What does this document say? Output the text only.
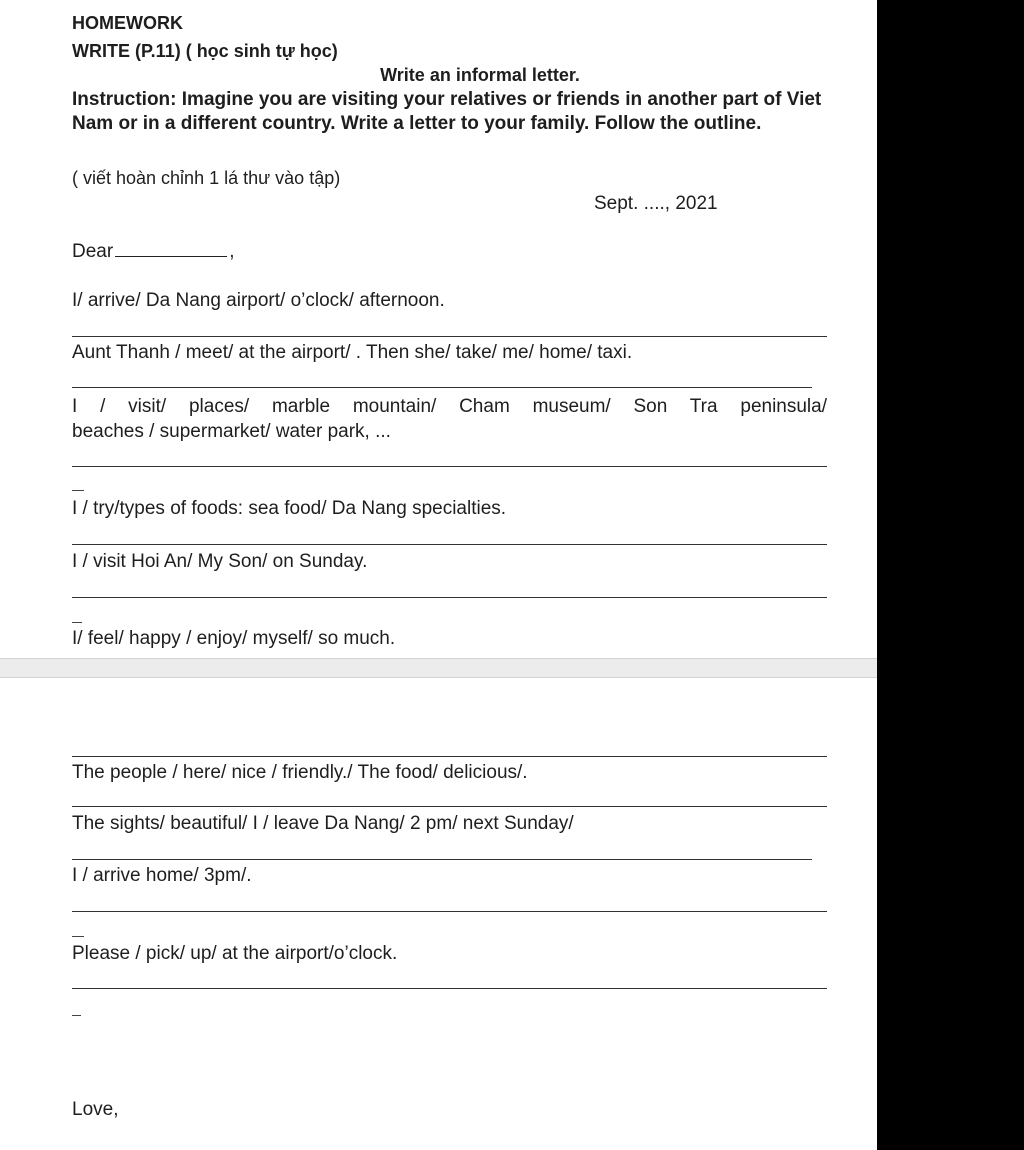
HOMEWORK
WRITE (P.11) ( học sinh tự học)
Write an informal letter.
Instruction: Imagine you are visiting your relatives or friends in another part of Viet Nam or in a different country. Write a letter to your family. Follow the outline.
( viết hoàn chỉnh 1 lá thư vào tập)
Sept. ...., 2021
Dear	,
I/ arrive/ Da Nang airport/ o’clock/ afternoon.
Aunt Thanh / meet/ at the airport/ . Then she/ take/ me/ home/ taxi.
I / visit/ places/ marble mountain/ Cham museum/ Son Tra peninsula/
beaches / supermarket/ water park, ...
I / try/types of foods: sea food/ Da Nang specialties.
I / visit Hoi An/ My Son/ on Sunday.
I/ feel/ happy / enjoy/ myself/ so much.
The people / here/ nice / friendly./ The food/ delicious/.
The sights/ beautiful/ I / leave Da Nang/ 2 pm/ next Sunday/
I / arrive home/ 3pm/.
Please / pick/ up/ at the airport/o’clock.
Love,
